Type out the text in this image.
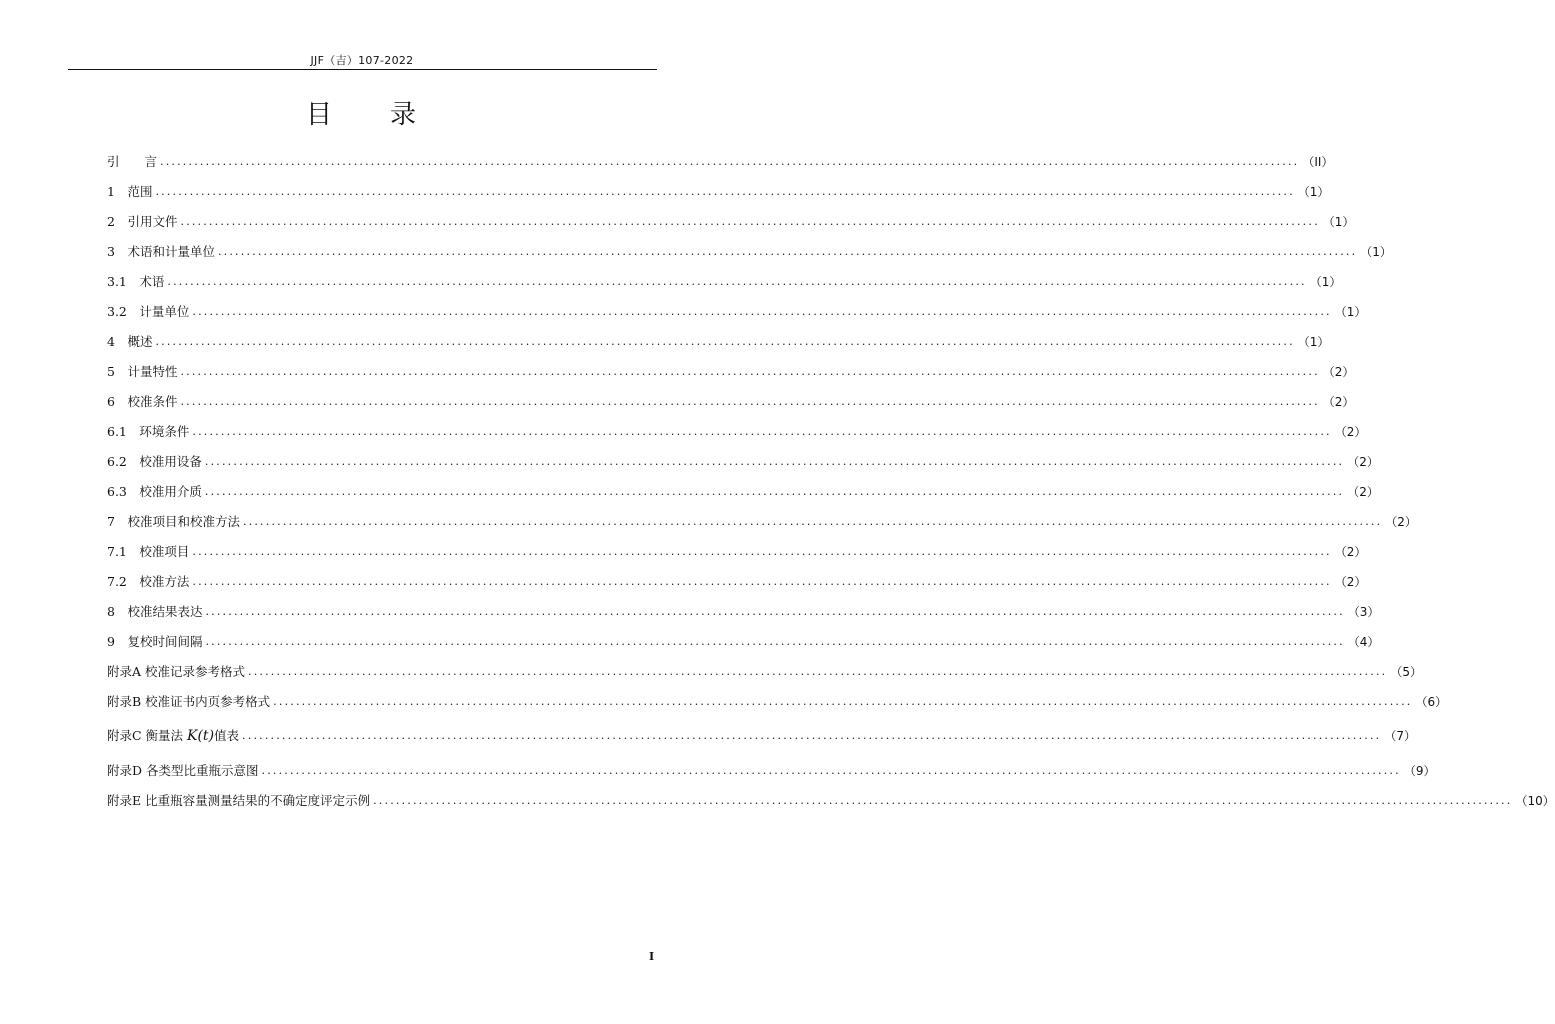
JJF（吉）107-2022
目　　录
引　　言 ........................................................................................................................................................................................................ （II）
1　范围 ........................................................................................................................................................................................................ （1）
2　引用文件 ........................................................................................................................................................................................................ （1）
3　术语和计量单位 ........................................................................................................................................................................................................ （1）
3.1　术语 ........................................................................................................................................................................................................ （1）
3.2　计量单位 ........................................................................................................................................................................................................ （1）
4　概述 ........................................................................................................................................................................................................ （1）
5　计量特性 ........................................................................................................................................................................................................ （2）
6　校准条件 ........................................................................................................................................................................................................ （2）
6.1　环境条件 ........................................................................................................................................................................................................ （2）
6.2　校准用设备 ........................................................................................................................................................................................................ （2）
6.3　校准用介质 ........................................................................................................................................................................................................ （2）
7　校准项目和校准方法 ........................................................................................................................................................................................................ （2）
7.1　校准项目 ........................................................................................................................................................................................................ （2）
7.2　校准方法 ........................................................................................................................................................................................................ （2）
8　校准结果表达 ........................................................................................................................................................................................................ （3）
9　复校时间间隔 ........................................................................................................................................................................................................ （4）
附录A 校准记录参考格式 ........................................................................................................................................................................................................ （5）
附录B 校准证书内页参考格式 ........................................................................................................................................................................................................ （6）
附录C 衡量法 K(t)值表 ........................................................................................................................................................................................................ （7）
附录D 各类型比重瓶示意图 ........................................................................................................................................................................................................ （9）
附录E 比重瓶容量测量结果的不确定度评定示例 ........................................................................................................................................................................................................ （10）
I
